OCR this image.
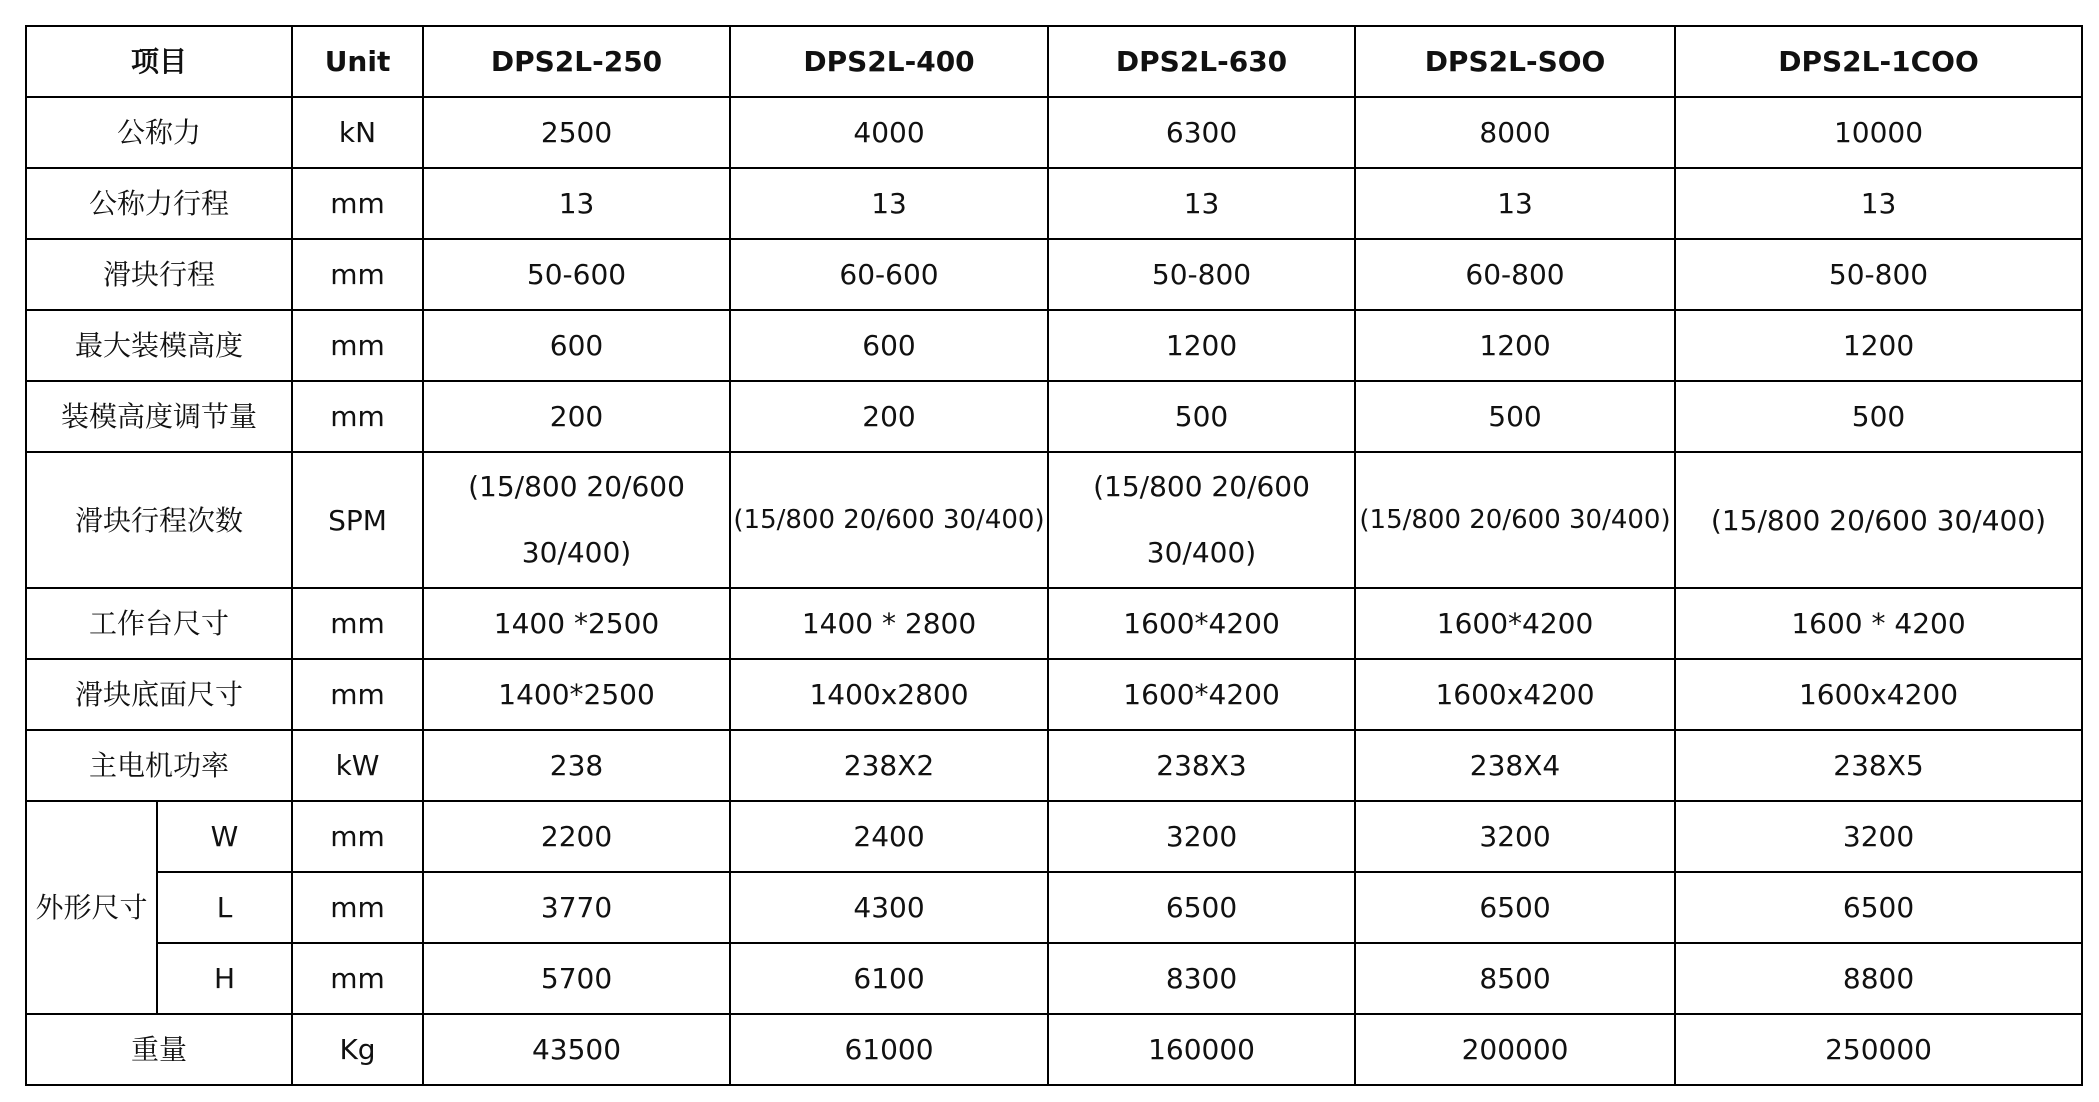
项目		Unit	DPS2L-250	DPS2L-400	DPS2L-630	DPS2L-SOO	DPS2L-1COO
公称力		kN	2500	4000	6300	8000	10000
公称力行程		mm	13	13	13	13	13
滑块行程		mm	50-600	60-600	50-800	60-800	50-800
最大装模高度		mm	600	600	1200	1200	1200
装模高度调节量		mm	200	200	500	500	500
滑块行程次数		SPM	(15/800 20/600 30/400)	(15/800 20/600 30/400)	(15/800 20/600 30/400)	(15/800 20/600 30/400)	(15/800 20/600 30/400)
工作台尺寸		mm	1400 *2500	1400 * 2800	1600*4200	1600*4200	1600 * 4200
滑块底面尺寸		mm	1400*2500	1400x2800	1600*4200	1600x4200	1600x4200
主电机功率		kW	238	238X2	238X3	238X4	238X5
外形尺寸	W	mm	2200	2400	3200	3200	3200
	L	mm	3770	4300	6500	6500	6500
	H	mm	5700	6100	8300	8500	8800
重量		Kg	43500	61000	160000	200000	250000
